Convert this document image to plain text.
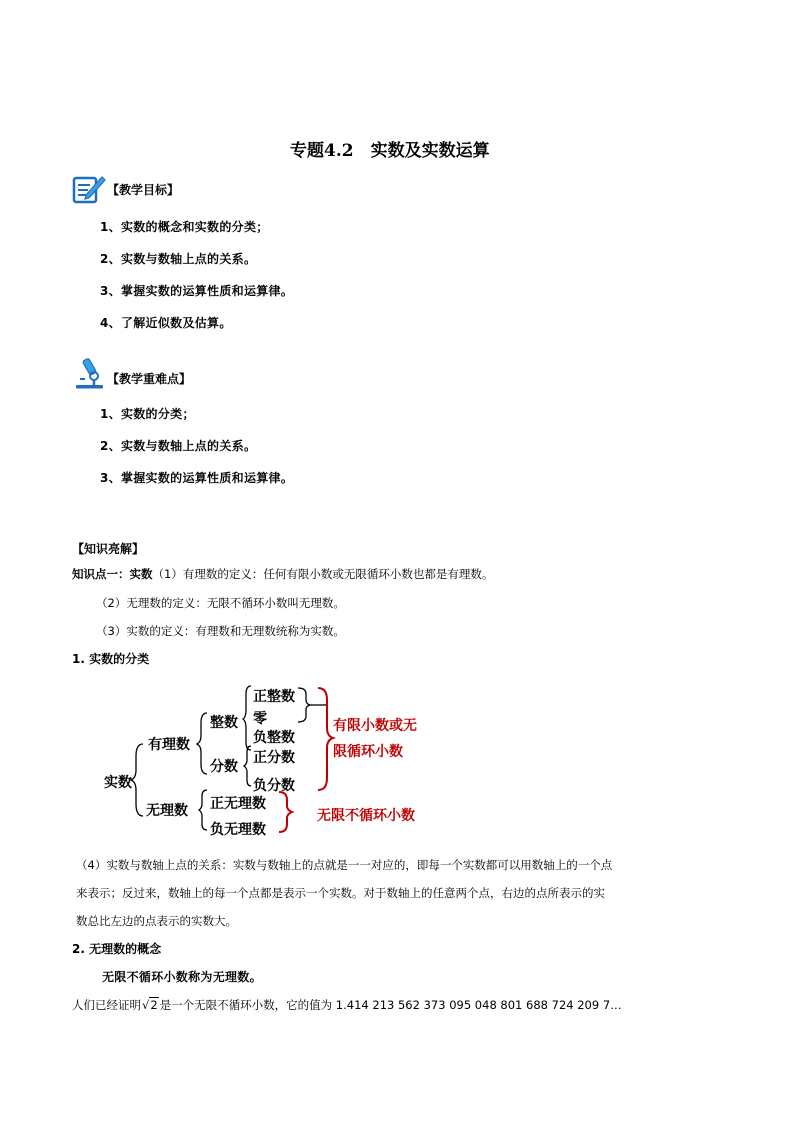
专题4.2　实数及实数运算
【教学目标】
1、实数的概念和实数的分类；
2、实数与数轴上点的关系。
3、掌握实数的运算性质和运算律。
4、了解近似数及估算。
【教学重难点】
1、实数的分类；
2、实数与数轴上点的关系。
3、掌握实数的运算性质和运算律。
【知识亮解】
知识点一：实数（1）有理数的定义：任何有限小数或无限循环小数也都是有理数。
（2）无理数的定义：无限不循环小数叫无理数。
（3）实数的定义：有理数和无理数统称为实数。
1. 实数的分类
实数
有理数
无理数
整数
分数
正整数
零
负整数
正分数
负分数
正无理数
负无理数
有限小数或无
限循环小数
无限不循环小数
（4）实数与数轴上点的关系：实数与数轴上的点就是一一对应的，即每一个实数都可以用数轴上的一个点
来表示；反过来，数轴上的每一个点都是表示一个实数。对于数轴上的任意两个点，右边的点所表示的实
数总比左边的点表示的实数大。
2. 无理数的概念
无限不循环小数称为无理数。
人们已经证明√2 是一个无限不循环小数，它的值为 1.414 213 562 373 095 048 801 688 724 209 7…
